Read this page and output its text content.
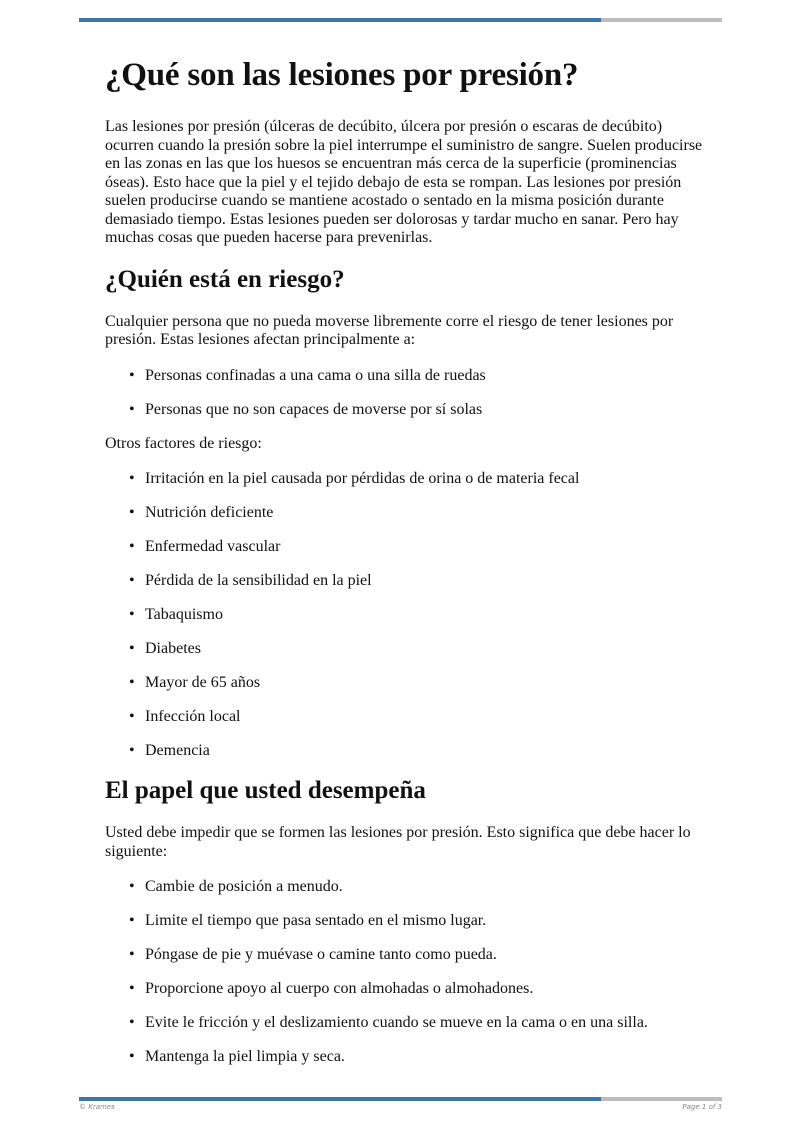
¿Qué son las lesiones por presión?

Las lesiones por presión (úlceras de decúbito, úlcera por presión o escaras de decúbito) ocurren cuando la presión sobre la piel interrumpe el suministro de sangre. Suelen producirse en las zonas en las que los huesos se encuentran más cerca de la superficie (prominencias óseas). Esto hace que la piel y el tejido debajo de esta se rompan. Las lesiones por presión suelen producirse cuando se mantiene acostado o sentado en la misma posición durante demasiado tiempo. Estas lesiones pueden ser dolorosas y tardar mucho en sanar. Pero hay muchas cosas que pueden hacerse para prevenirlas.

¿Quién está en riesgo?

Cualquier persona que no pueda moverse libremente corre el riesgo de tener lesiones por presión. Estas lesiones afectan principalmente a:

• Personas confinadas a una cama o una silla de ruedas
• Personas que no son capaces de moverse por sí solas

Otros factores de riesgo:

• Irritación en la piel causada por pérdidas de orina o de materia fecal
• Nutrición deficiente
• Enfermedad vascular
• Pérdida de la sensibilidad en la piel
• Tabaquismo
• Diabetes
• Mayor de 65 años
• Infección local
• Demencia
El papel que usted desempeña

Usted debe impedir que se formen las lesiones por presión. Esto significa que debe hacer lo siguiente:

• Cambie de posición a menudo.
• Limite el tiempo que pasa sentado en el mismo lugar.
• Póngase de pie y muévase o camine tanto como pueda.
• Proporcione apoyo al cuerpo con almohadas o almohadones.
• Evite le fricción y el deslizamiento cuando se mueve en la cama o en una silla.
• Mantenga la piel limpia y seca.
© Krames	Page 1 of 3
